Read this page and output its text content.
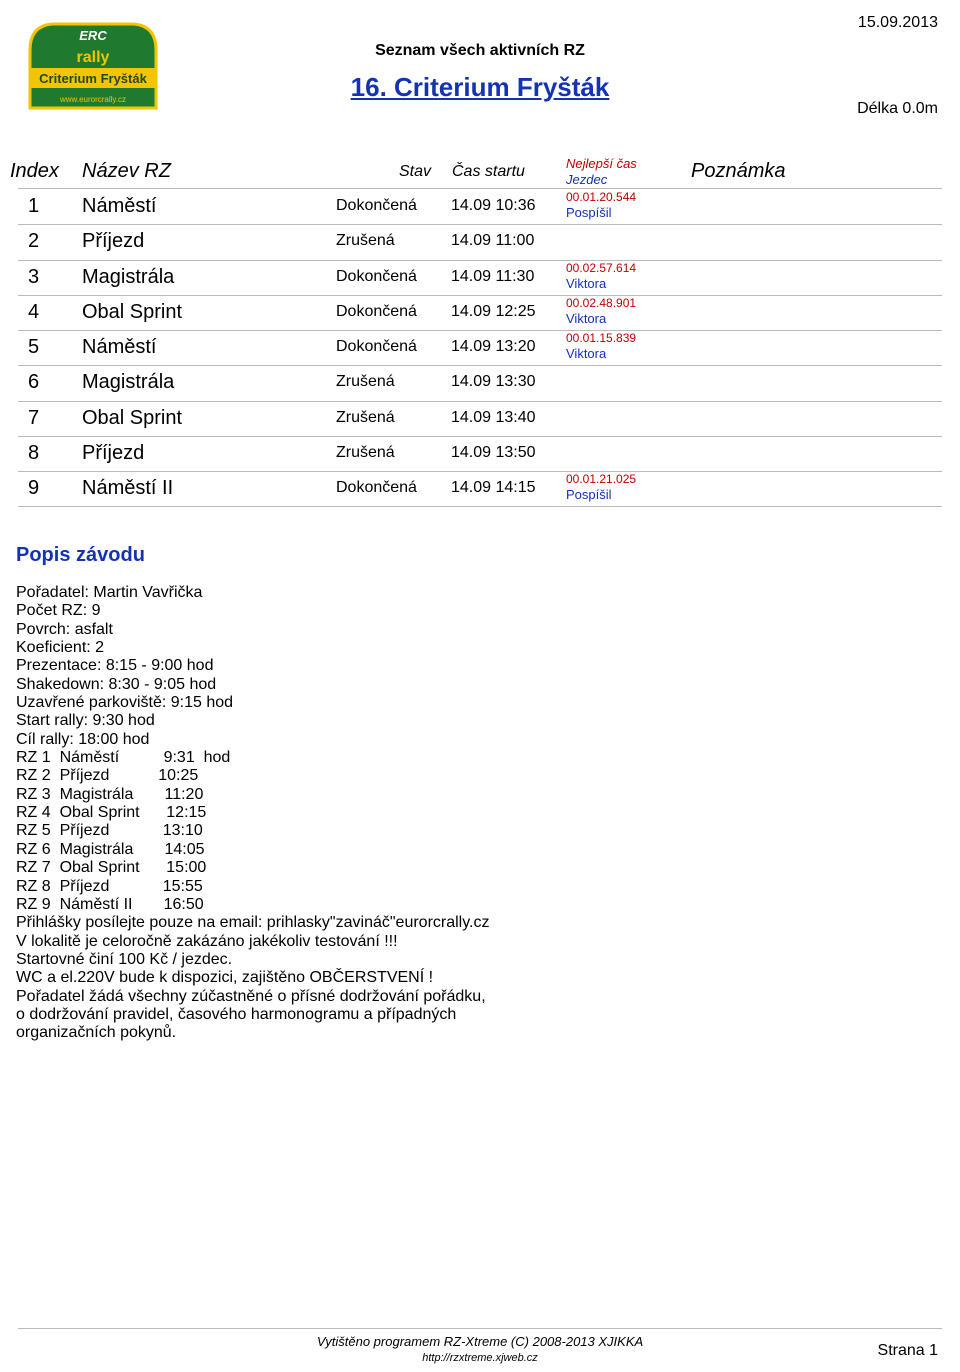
ERC
rally
Criterium Fryšták
www.eurorcrally.cz
Seznam všech aktivních RZ
16. Criterium Fryšták
15.09.2013
Délka 0.0m
Index Název RZ	Stav Čas startu	Nejlepší čas
Jezdec	Poznámka
1 Náměstí	Dokončená 14.09 10:36	00.01.20.544
Pospíšil
2 Příjezd	Zrušená	14.09 11:00
3 Magistrála	Dokončená 14.09 11:30	00.02.57.614
Viktora
4 Obal Sprint	Dokončená 14.09 12:25	00.02.48.901
Viktora
5 Náměstí	Dokončená 14.09 13:20	00.01.15.839
Viktora
6 Magistrála	Zrušená	14.09 13:30
7 Obal Sprint	Zrušená	14.09 13:40
8 Příjezd	Zrušená	14.09 13:50
9 Náměstí II	Dokončená 14.09 14:15	00.01.21.025
Pospíšil
Popis závodu
Pořadatel: Martin Vavřička
Počet RZ: 9
Povrch: asfalt
Koeficient: 2
Prezentace: 8:15 - 9:00 hod
Shakedown: 8:30 - 9:05 hod
Uzavřené parkoviště: 9:15 hod
Start rally: 9:30 hod
Cíl rally: 18:00 hod
RZ 1  Náměstí          9:31  hod
RZ 2  Příjezd           10:25
RZ 3  Magistrála       11:20
RZ 4  Obal Sprint      12:15
RZ 5  Příjezd            13:10
RZ 6  Magistrála       14:05
RZ 7  Obal Sprint      15:00
RZ 8  Příjezd            15:55
RZ 9  Náměstí II       16:50
Přihlášky posílejte pouze na email: prihlasky"zavináč"eurorcrally.cz
V lokalitě je celoročně zakázáno jakékoliv testování !!!
Startovné činí 100 Kč / jezdec.
WC a el.220V bude k dispozici, zajištěno OBČERSTVENÍ !
Pořadatel žádá všechny zúčastněné o přísné dodržování pořádku,
o dodržování pravidel, časového harmonogramu a případných
organizačních pokynů.
Vytištěno programem RZ-Xtreme (C) 2008-2013 XJIKKA
http://rzxtreme.xjweb.cz	Strana 1
